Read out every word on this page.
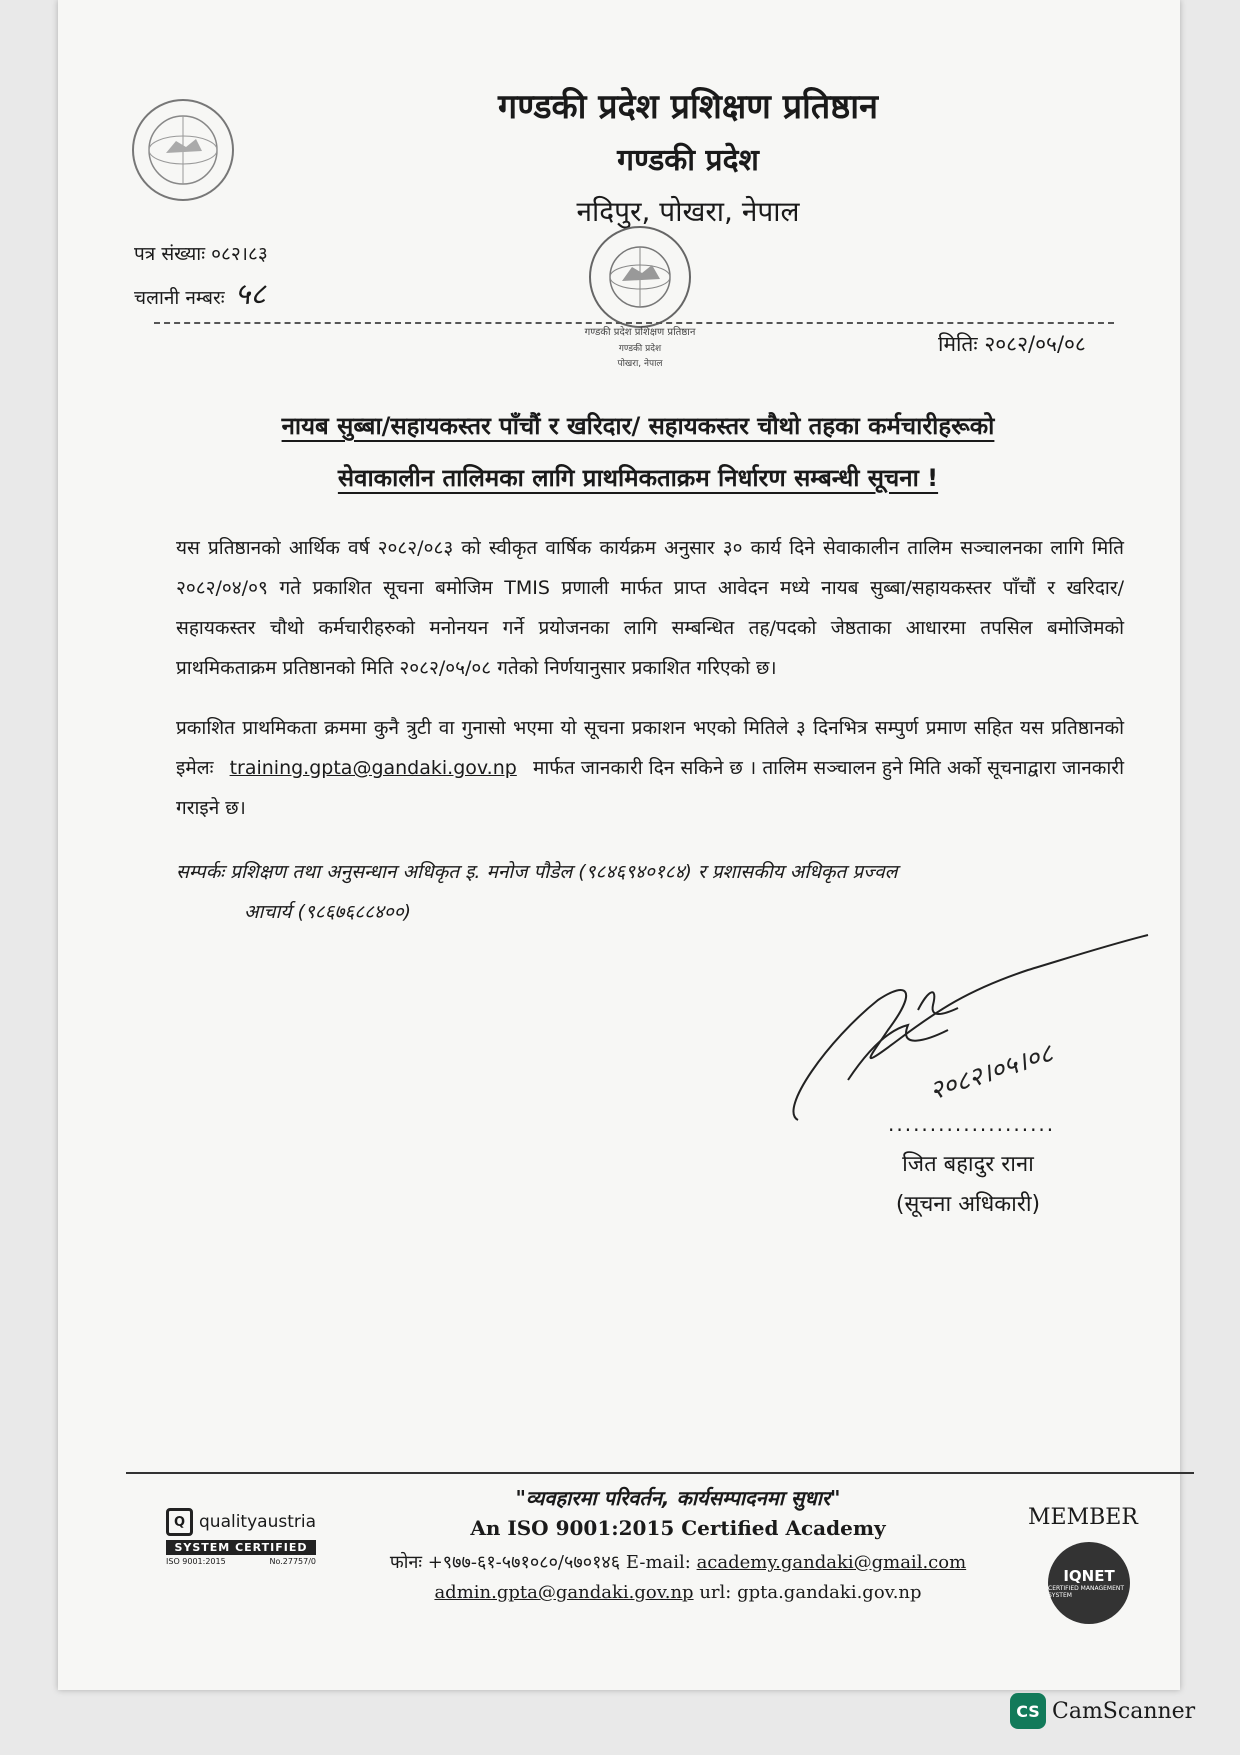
गण्डकी प्रदेश प्रशिक्षण प्रतिष्ठान
गण्डकी प्रदेश
नदिपुर, पोखरा, नेपाल
पत्र संख्याः ०८२।८३
चलानी नम्बरः ५८
गण्डकी प्रदेश प्रशिक्षण प्रतिष्ठान
गण्डकी प्रदेश
पोखरा, नेपाल
मितिः २०८२/०५/०८
नायब सुब्बा/सहायकस्तर पाँचौं र खरिदार/ सहायकस्तर चौथो तहका कर्मचारीहरूको
सेवाकालीन तालिमका लागि प्राथमिकताक्रम निर्धारण सम्बन्धी सूचना !
यस प्रतिष्ठानको आर्थिक वर्ष २०८२/०८३ को स्वीकृत वार्षिक कार्यक्रम अनुसार ३० कार्य दिने सेवाकालीन तालिम सञ्चालनका लागि मिति २०८२/०४/०९ गते प्रकाशित सूचना बमोजिम TMIS प्रणाली मार्फत प्राप्त आवेदन मध्ये नायब सुब्बा/सहायकस्तर पाँचौं र खरिदार/ सहायकस्तर चौथो कर्मचारीहरुको मनोनयन गर्ने प्रयोजनका लागि सम्बन्धित तह/पदको जेष्ठताका आधारमा तपसिल बमोजिमको प्राथमिकताक्रम प्रतिष्ठानको मिति २०८२/०५/०८ गतेको निर्णयानुसार प्रकाशित गरिएको छ।
प्रकाशित प्राथमिकता क्रममा कुनै त्रुटी वा गुनासो भएमा यो सूचना प्रकाशन भएको मितिले ३ दिनभित्र सम्पुर्ण प्रमाण सहित यस प्रतिष्ठानको इमेलः training.gpta@gandaki.gov.np मार्फत जानकारी दिन सकिने छ । तालिम सञ्चालन हुने मिति अर्को सूचनाद्वारा जानकारी गराइने छ।
सम्पर्कः प्रशिक्षण तथा अनुसन्धान अधिकृत इ. मनोज पौडेल (९८४६९४०१८४) र प्रशासकीय अधिकृत प्रज्वल
आचार्य (९८६७६८८४००)
२०८२।०५।०८
....................
जित बहादुर राना
(सूचना अधिकारी)
"व्यवहारमा परिवर्तन, कार्यसम्पादनमा सुधार"
An ISO 9001:2015 Certified Academy
फोनः +९७७-६१-५७१०८०/५७०१४६ E-mail: academy.gandaki@gmail.com
admin.gpta@gandaki.gov.np url: gpta.gandaki.gov.np
Q qualityaustria
SYSTEM CERTIFIED
ISO 9001:2015	No.27757/0
MEMBER
IQNET
CERTIFIED MANAGEMENT SYSTEM
CS CamScanner
